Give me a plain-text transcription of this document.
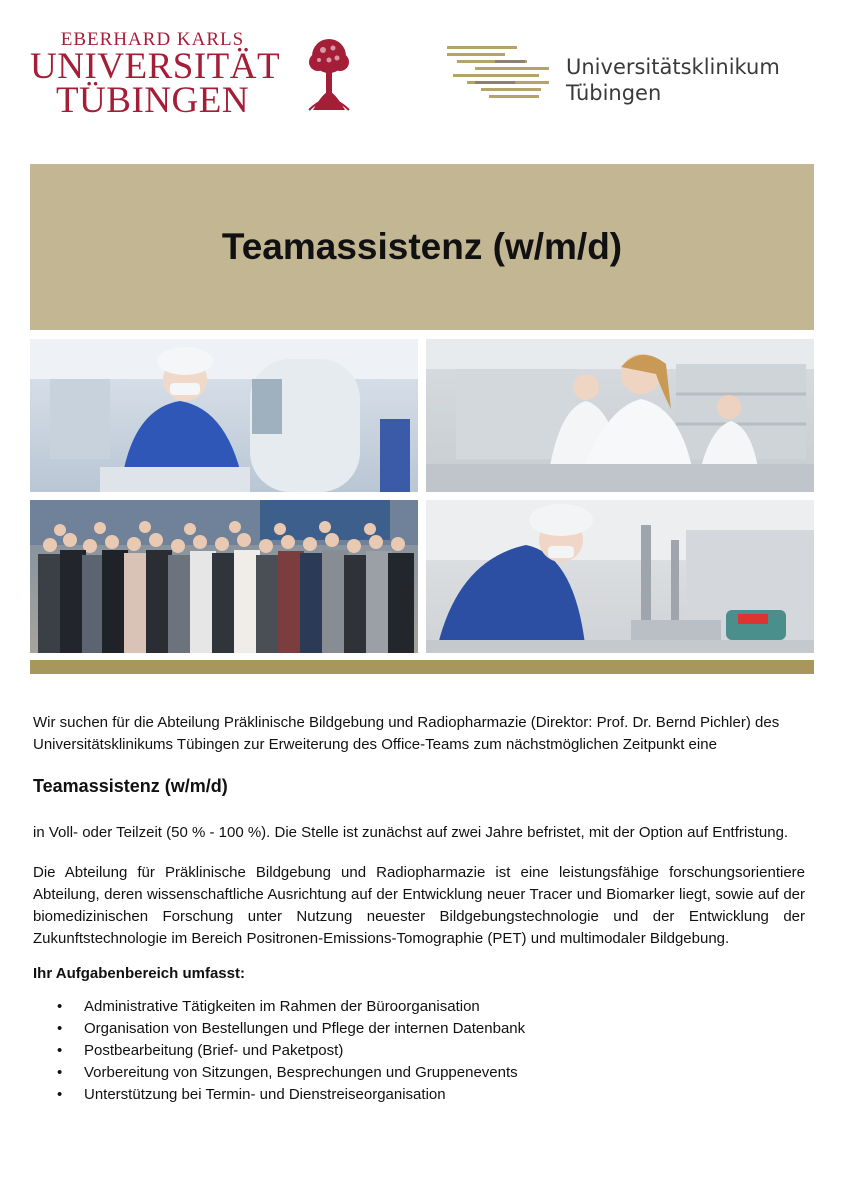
EBERHARD KARLS
UNIVERSITÄT
TÜBINGEN
Universitätsklinikum
Tübingen
Teamassistenz (w/m/d)
Wir suchen für die Abteilung Präklinische Bildgebung und Radiopharmazie (Direktor: Prof. Dr. Bernd Pichler) des Universitätsklinikums Tübingen zur Erweiterung des Office-Teams zum nächstmöglichen Zeitpunkt eine
Teamassistenz (w/m/d)
in Voll- oder Teilzeit (50 % - 100 %). Die Stelle ist zunächst auf zwei Jahre befristet, mit der Option auf Entfristung.
Die Abteilung für Präklinische Bildgebung und Radiopharmazie ist eine leistungsfähige forschungsorientiere Abteilung, deren wissenschaftliche Ausrichtung auf der Entwicklung neuer Tracer und Biomarker liegt, sowie auf der biomedizinischen Forschung unter Nutzung neuester Bildgebungstechnologie und der Entwicklung der Zukunftstechnologie im Bereich Positronen-Emissions-Tomographie (PET) und multimodaler Bildgebung.
Ihr Aufgabenbereich umfasst:
• Administrative Tätigkeiten im Rahmen der Büroorganisation
• Organisation von Bestellungen und Pflege der internen Datenbank
• Postbearbeitung (Brief- und Paketpost)
• Vorbereitung von Sitzungen, Besprechungen und Gruppenevents
• Unterstützung bei Termin- und Dienstreiseorganisation
